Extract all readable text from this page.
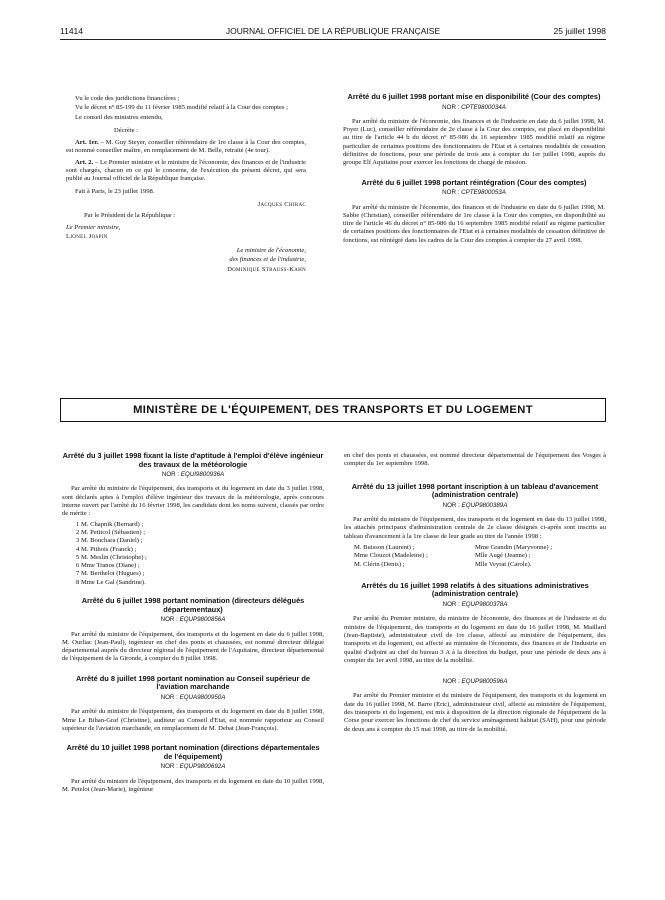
11414	JOURNAL OFFICIEL DE LA RÉPUBLIQUE FRANÇAISE	25 juillet 1998

Vu le code des juridictions financières ;

Vu le décret n° 85-199 du 11 février 1985 modifié relatif à la Cour des comptes ;

Le conseil des ministres entendu,

Décrète :

Art. 1er. – M. Guy Steyer, conseiller référendaire de 1re classe à la Cour des comptes, est nommé conseiller maître, en remplacement de M. Belle, retraité (4e tour).

Art. 2. – Le Premier ministre et le ministre de l'économie, des finances et de l'industrie sont chargés, chacun en ce qui le concerne, de l'exécution du présent décret, qui sera publié au Journal officiel de la République française.

Fait à Paris, le 23 juillet 1998.

Jacques Chirac

Par le Président de la République :

Le Premier ministre,

Lionel Jospin

Le ministre de l'économie,

des finances et de l'industrie,

Dominique Strauss-Kahn

Arrêté du 6 juillet 1998 portant mise en disponibilité (Cour des comptes)
NOR : CPTE9800034A

Par arrêté du ministre de l'économie, des finances et de l'industrie en date du 6 juillet 1998, M. Poyer (Luc), conseiller référendaire de 2e classe à la Cour des comptes, est placé en disponibilité au titre de l'article 44 b du décret n° 85-986 du 16 septembre 1985 modifié relatif au régime particulier de certaines positions des fonctionnaires de l'Etat et à certaines modalités de cessation définitive de fonctions, pour une période de trois ans à compter du 1er juillet 1998, auprès du groupe Elf Aquitaine pour exercer les fonctions de chargé de mission.

Arrêté du 6 juillet 1998 portant réintégration (Cour des comptes)
NOR : CPTE9800053A

Par arrêté du ministre de l'économie, des finances et de l'industrie en date du 6 juillet 1998, M. Sabbe (Christian), conseiller référendaire de 1re classe à la Cour des comptes, en disponibilité au titre de l'article 46 du décret n° 85-986 du 16 septembre 1985 modifié relatif au régime particulier de certaines positions des fonctionnaires de l'Etat et à certaines modalités de cessation définitive de fonctions, est réintégré dans les cadres de la Cour des comptes à compter du 27 avril 1998.

MINISTÈRE DE L'ÉQUIPEMENT, DES TRANSPORTS ET DU LOGEMENT
Arrêté du 3 juillet 1998 fixant la liste d'aptitude à l'emploi d'élève ingénieur des travaux de la météorologie
NOR : EQUI9800936A

Par arrêté du ministre de l'équipement, des transports et du logement en date du 3 juillet 1998, sont déclarés aptes à l'emploi d'élève ingénieur des travaux de la météorologie, après concours interne ouvert par l'arrêté du 16 février 1998, les candidats dont les noms suivent, classés par ordre de mérite :

1 M. Chapnik (Bernard) ;
2 M. Petitcol (Sébastien) ;
3 M. Bouchara (Daniel) ;
4 M. Pithois (Franck) ;
5 M. Meslin (Christophe) ;
6 Mme Tranos (Diane) ;
7 M. Berthelot (Hugues) ;
8 Mme Le Gal (Sandrine).
Arrêté du 6 juillet 1998 portant nomination (directeurs délégués départementaux)
NOR : EQUP9800856A

Par arrêté du ministre de l'équipement, des transports et du logement en date du 6 juillet 1998, M. Ourliac (Jean-Paul), ingénieur en chef des ponts et chaussées, est nommé directeur délégué départemental auprès du directeur régional de l'équipement de l'Aquitaine, directeur départemental de l'équipement de la Gironde, à compter du 8 juillet 1998.

Arrêté du 8 juillet 1998 portant nomination au Conseil supérieur de l'aviation marchande
NOR : EQUA9800950A

Par arrêté du ministre de l'équipement, des transports et du logement en date du 8 juillet 1998, Mme Le Bihan-Graf (Christine), auditeur au Conseil d'Etat, est nommée rapporteur au Conseil supérieur de l'aviation marchande, en remplacement de M. Debat (Jean-François).

Arrêté du 10 juillet 1998 portant nomination (directions départementales de l'équipement)
NOR : EQUP9800692A

Par arrêté du ministre de l'équipement, des transports et du logement en date du 10 juillet 1998, M. Petelot (Jean-Marie), ingénieur

en chef des ponts et chaussées, est nommé directeur départemental de l'équipement des Vosges à compter du 1er septembre 1998.

Arrêté du 13 juillet 1998 portant inscription à un tableau d'avancement (administration centrale)
NOR : EQUP9800389A

Par arrêté du ministre de l'équipement, des transports et du logement en date du 13 juillet 1998, les attachés principaux d'administration centrale de 2e classe désignés ci-après sont inscrits au tableau d'avancement à la 1re classe de leur grade au titre de l'année 1998 :

M. Buisson (Laurent) ;
Mme Clouzot (Madeleine) ;
M. Clérin (Denis) ;
Mme Grandin (Maryvonne) ;
Mlle Augé (Jeanne) ;
Mlle Veyrat (Carole).
Arrêtés du 16 juillet 1998 relatifs à des situations administratives (administration centrale)
NOR : EQUP9800378A

Par arrêté du Premier ministre, du ministre de l'économie, des finances et de l'industrie et du ministre de l'équipement, des transports et du logement en date du 16 juillet 1998, M. Maillard (Jean-Baptiste), administrateur civil de 1re classe, affecté au ministère de l'équipement, des transports et du logement, est affecté au ministère de l'économie, des finances et de l'industrie en qualité d'adjoint au chef du bureau 3 A à la direction du budget, pour une période de deux ans à compter du 1er avril 1998, au titre de la mobilité.

NOR : EQUP9800596A

Par arrêté du Premier ministre et du ministre de l'équipement, des transports et du logement en date du 16 juillet 1998, M. Barre (Eric), administrateur civil, affecté au ministère de l'équipement, des transports et du logement, est mis à disposition de la direction régionale de l'équipement de la Corse pour exercer les fonctions de chef du service aménagement habitat (SAH), pour une période de deux ans à compter du 15 mai 1998, au titre de la mobilité.
